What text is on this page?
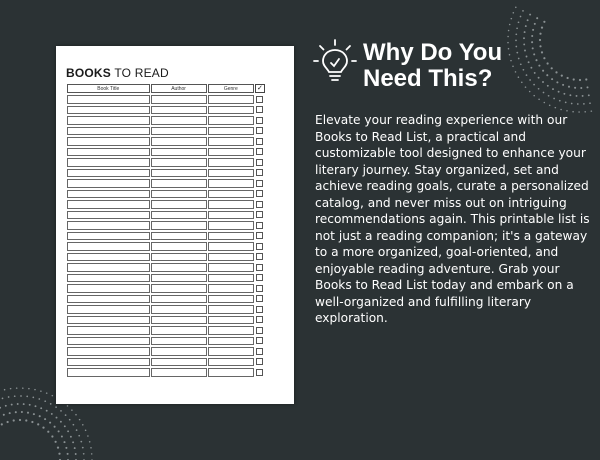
BOOKS TO READ
Book Title	Author	Genre	✓

Why Do You
Need This?

Elevate your reading experience with our Books to Read List, a practical and customizable tool designed to enhance your literary journey. Stay organized, set and achieve reading goals, curate a personalized catalog, and never miss out on intriguing recommendations again. This printable list is not just a reading companion; it's a gateway to a more organized, goal-oriented, and enjoyable reading adventure. Grab your Books to Read List today and embark on a well-organized and fulfilling literary exploration.
